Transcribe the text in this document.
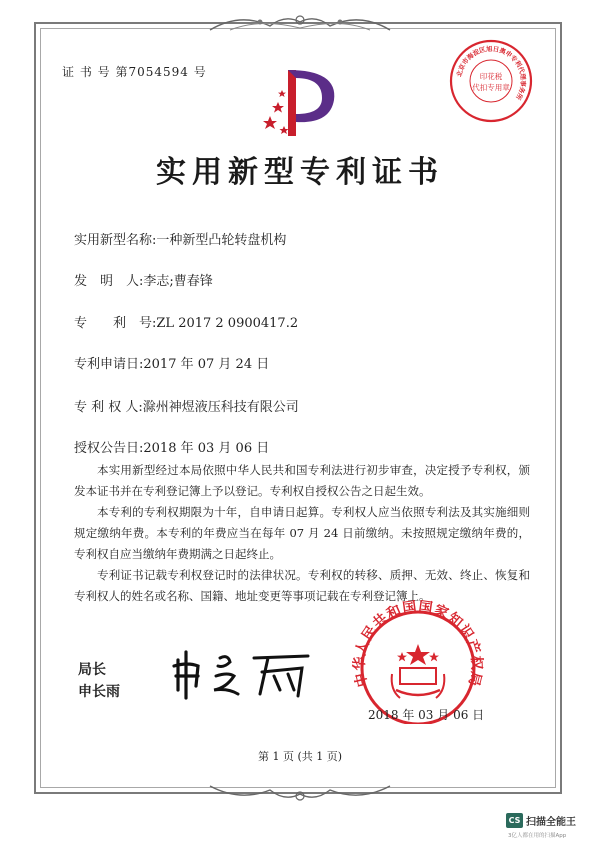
证 书 号 第7054594 号	北京市海淀区旭日奥申专利代理事务所
印花税
代扣专用章
实用新型专利证书
实用新型名称:一种新型凸轮转盘机构
发　明　人:李志;曹春锋
专　　利　号:ZL 2017 2 0900417.2
专利申请日:2017 年 07 月 24 日
专 利 权 人:滁州神煜液压科技有限公司
授权公告日:2018 年 03 月 06 日

本实用新型经过本局依照中华人民共和国专利法进行初步审查，决定授予专利权，颁发本证书并在专利登记簿上予以登记。专利权自授权公告之日起生效。

本专利的专利权期限为十年，自申请日起算。专利权人应当依照专利法及其实施细则规定缴纳年费。本专利的年费应当在每年 07 月 24 日前缴纳。未按照规定缴纳年费的，专利权自应当缴纳年费期满之日起终止。

专利证书记载专利权登记时的法律状况。专利权的转移、质押、无效、终止、恢复和专利权人的姓名或名称、国籍、地址变更等事项记载在专利登记簿上。

局长
申长雨
中华人民共和国国家知识产权局
2018 年 03 月 06 日
第 1 页 (共 1 页)
CS 扫描全能王
3亿人都在用的扫描App
